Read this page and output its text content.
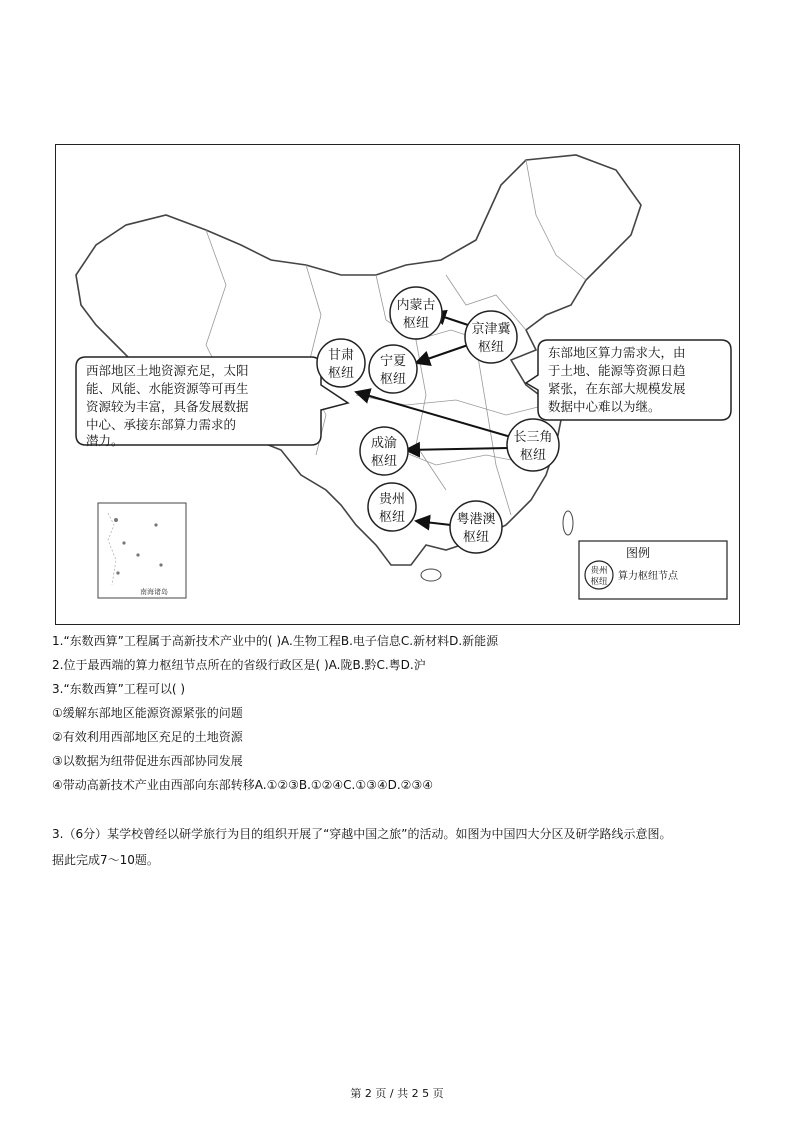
南海诸岛
西部地区土地资源充足，太阳
能、风能、水能资源等可再生
资源较为丰富，具备发展数据
中心、承接东部算力需求的
潜力。
东部地区算力需求大，由
于土地、能源等资源日趋
紧张，在东部大规模发展
数据中心难以为继。
内蒙古
枢纽	京津冀
枢纽
甘肃
枢纽
宁夏
枢纽
长三角
枢纽
成渝
枢纽
贵州
枢纽	粤港澳
枢纽
图例
贵州
枢纽 算力枢纽节点
1.“东数西算”工程属于高新技术产业中的( )A.生物工程B.电子信息C.新材料D.新能源
2.位于最西端的算力枢纽节点所在的省级行政区是( )A.陇B.黔C.粤D.沪
3.“东数西算”工程可以( )
①缓解东部地区能源资源紧张的问题
②有效利用西部地区充足的土地资源
③以数据为纽带促进东西部协同发展
④带动高新技术产业由西部向东部转移A.①②③B.①②④C.①③④D.②③④
3.（6分）某学校曾经以研学旅行为目的组织开展了“穿越中国之旅”的活动。如图为中国四大分区及研学路线示意图。
据此完成7～10题。
第 2 页 / 共 2 5 页
